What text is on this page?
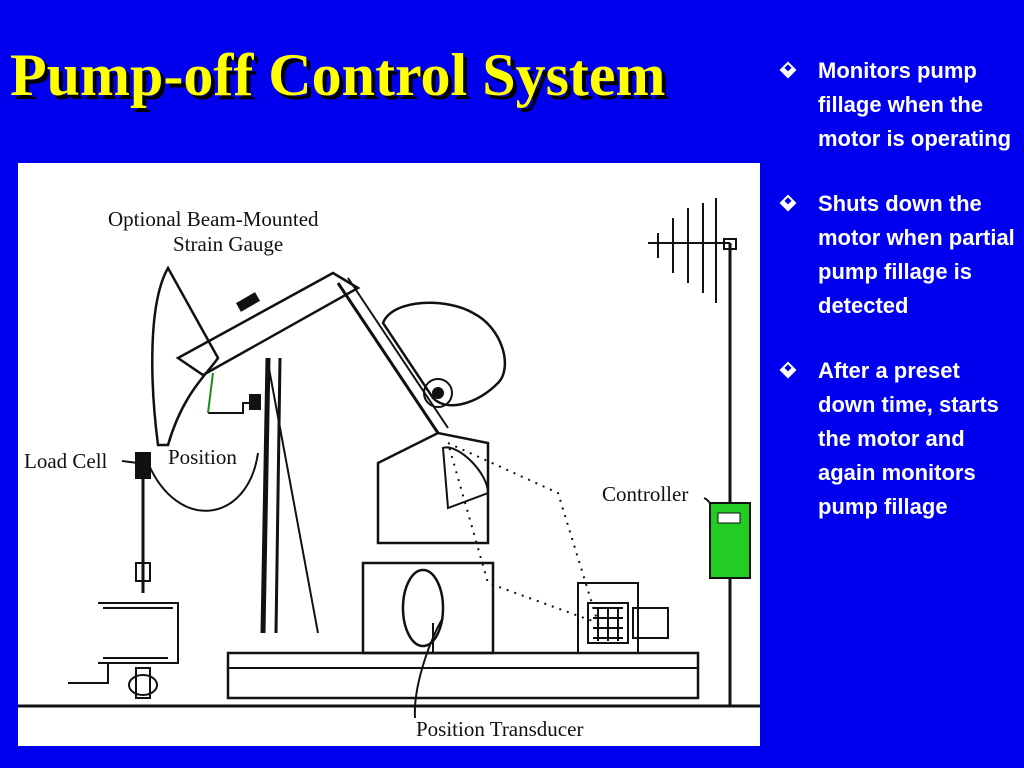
Pump-off Control System
Optional Beam-Mounted
Strain Gauge
Load Cell	Position
Controller
Position Transducer
Monitors pump fillage when the motor is operating
Shuts down the motor when partial pump fillage is detected
After a preset down time, starts the motor and again monitors pump fillage
